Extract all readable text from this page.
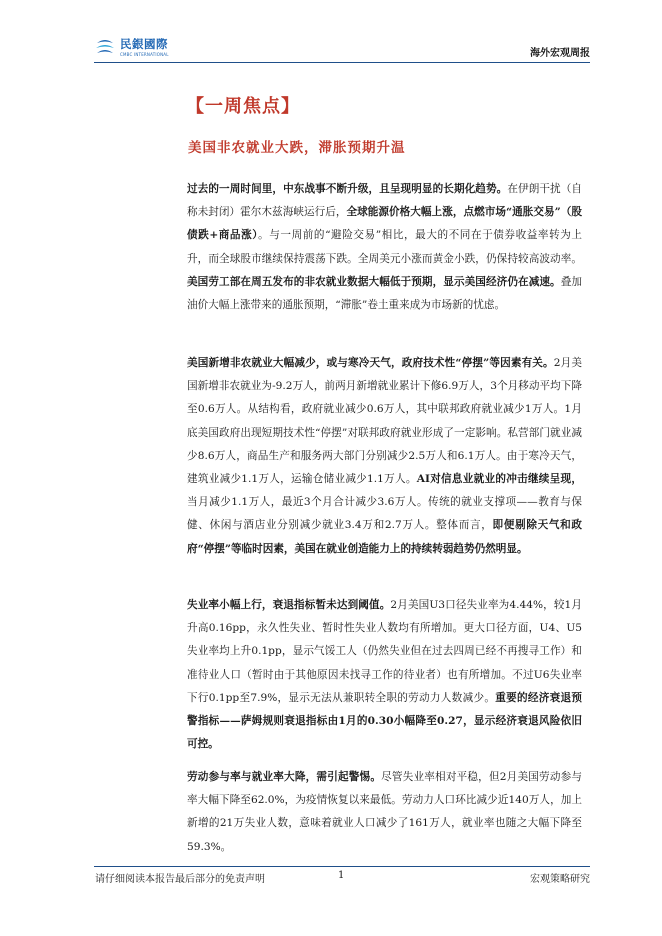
民銀國際
CMBC INTERNATIONAL	海外宏观周报
【一周焦点】
美国非农就业大跌，滞胀预期升温

过去的一周时间里，中东战事不断升级，且呈现明显的长期化趋势。在伊朗干扰（自称未封闭）霍尔木兹海峡运行后，全球能源价格大幅上涨，点燃市场“通胀交易”（股债跌+商品涨）。与一周前的“避险交易”相比，最大的不同在于债券收益率转为上升，而全球股市继续保持震荡下跌。全周美元小涨而黄金小跌，仍保持较高波动率。美国劳工部在周五发布的非农就业数据大幅低于预期，显示美国经济仍在减速。叠加油价大幅上涨带来的通胀预期，“滞胀”卷土重来成为市场新的忧虑。

美国新增非农就业大幅减少，或与寒冷天气，政府技术性“停摆”等因素有关。2月美国新增非农就业为-9.2万人，前两月新增就业累计下修6.9万人，3个月移动平均下降至0.6万人。从结构看，政府就业减少0.6万人，其中联邦政府就业减少1万人。1月底美国政府出现短期技术性“停摆”对联邦政府就业形成了一定影响。私营部门就业减少8.6万人，商品生产和服务两大部门分别减少2.5万人和6.1万人。由于寒冷天气，建筑业减少1.1万人，运输仓储业减少1.1万人。AI对信息业就业的冲击继续呈现，当月减少1.1万人，最近3个月合计减少3.6万人。传统的就业支撑项——教育与保健、休闲与酒店业分别减少就业3.4万和2.7万人。整体而言，即便剔除天气和政府“停摆”等临时因素，美国在就业创造能力上的持续转弱趋势仍然明显。

失业率小幅上行，衰退指标暂未达到阈值。2月美国U3口径失业率为4.44%，较1月升高0.16pp，永久性失业、暂时性失业人数均有所增加。更大口径方面，U4、U5失业率均上升0.1pp，显示气馁工人（仍然失业但在过去四周已经不再搜寻工作）和准待业人口（暂时由于其他原因未找寻工作的待业者）也有所增加。不过U6失业率下行0.1pp至7.9%，显示无法从兼职转全职的劳动力人数减少。重要的经济衰退预警指标——萨姆规则衰退指标由1月的0.30小幅降至0.27，显示经济衰退风险依旧可控。

劳动参与率与就业率大降，需引起警惕。尽管失业率相对平稳，但2月美国劳动参与率大幅下降至62.0%，为疫情恢复以来最低。劳动力人口环比减少近140万人，加上新增的21万失业人数，意味着就业人口减少了161万人，就业率也随之大幅下降至59.3%。

请仔细阅读本报告最后部分的免责声明	1	宏观策略研究
